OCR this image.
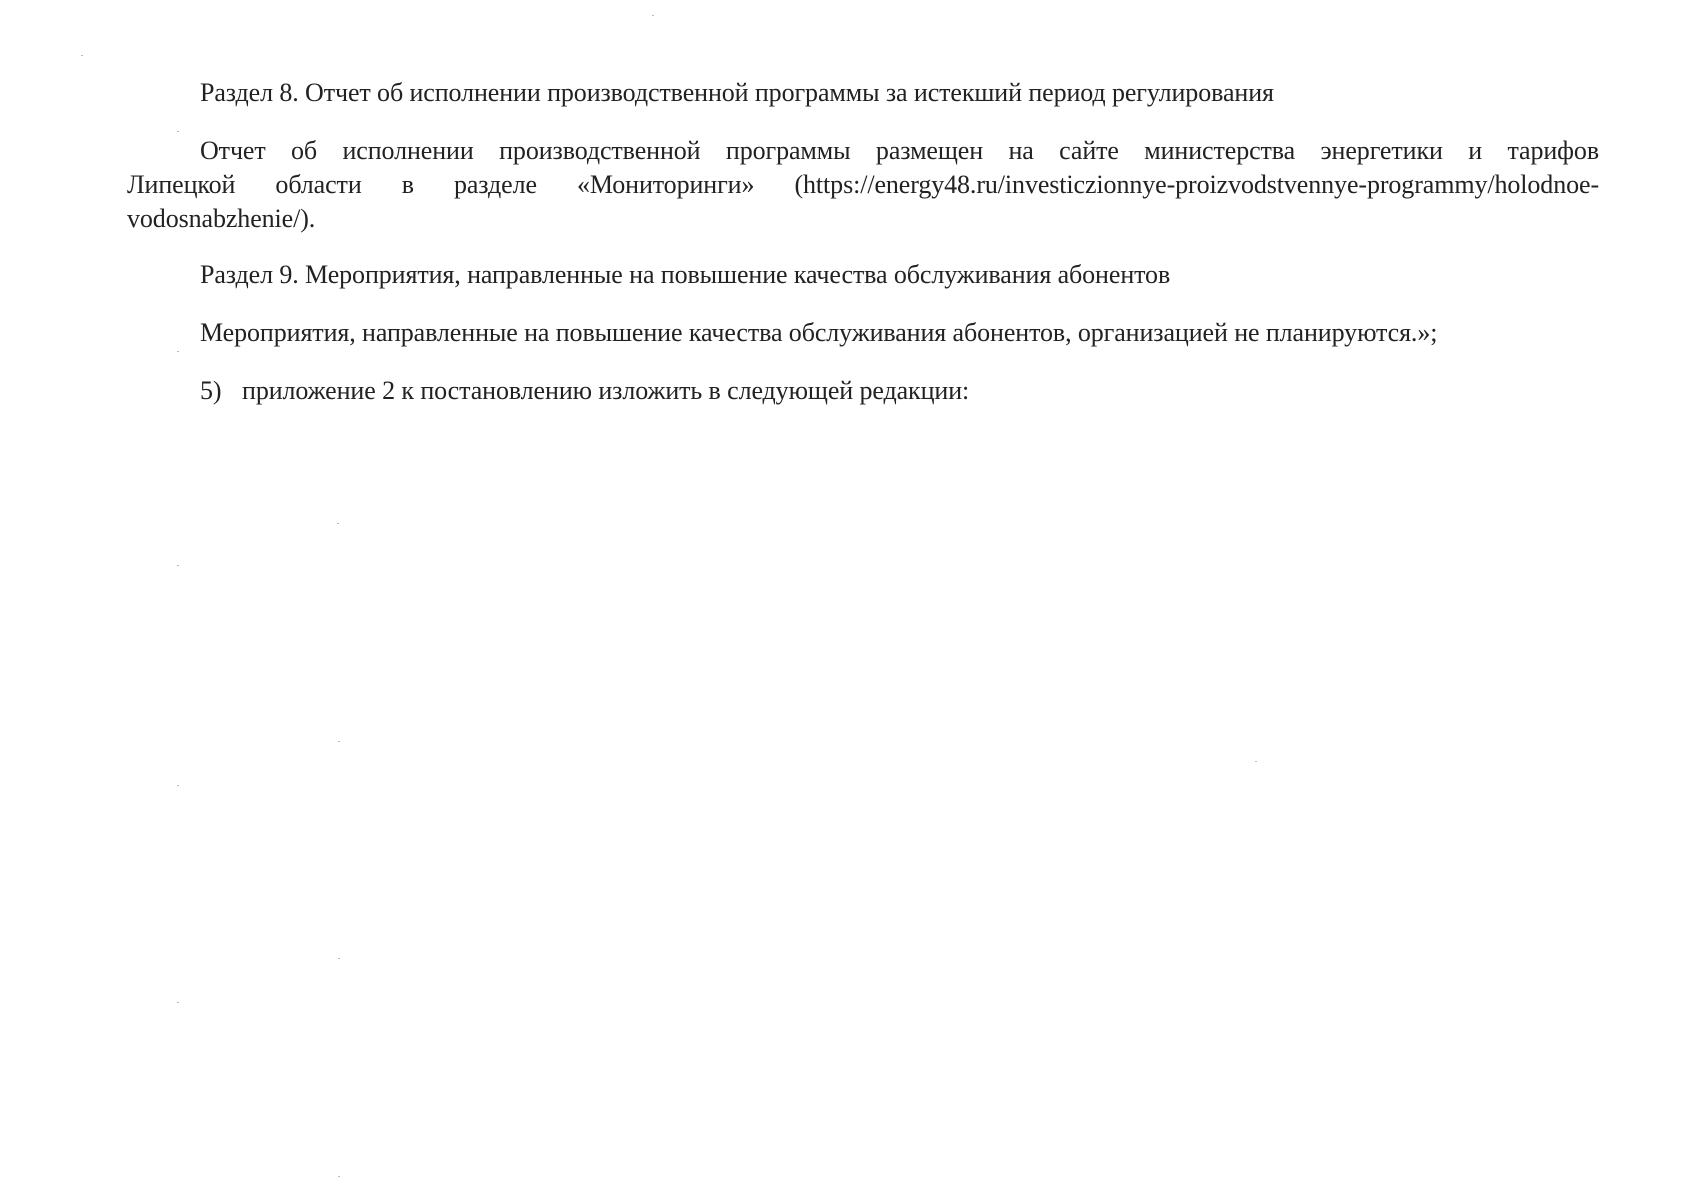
Раздел 8. Отчет об исполнении производственной программы за истекший период регулирования
Отчет об исполнении производственной программы размещен на сайте министерства энергетики и тарифов
Липецкой области в разделе «Мониторинги» (https://energy48.ru/investiczionnye-proizvodstvennye-programmy/holodnoe-
vodosnabzhenie/).
Раздел 9. Мероприятия, направленные на повышение качества обслуживания абонентов
Мероприятия, направленные на повышение качества обслуживания абонентов, организацией не планируются.»;
5) приложение 2 к постановлению изложить в следующей редакции:
